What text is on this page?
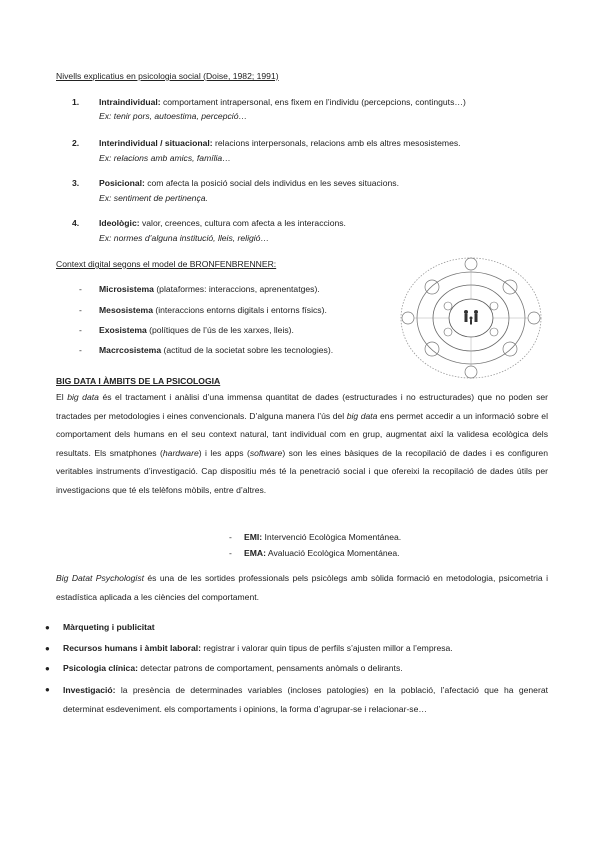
Nivells explicatius en psicologia social (Doise, 1982; 1991)
1. Intraindividual: comportament intrapersonal, ens fixem en l’individu (percepcions, continguts…)
Ex: tenir pors, autoestima, percepció…
2. Interindividual / situacional: relacions interpersonals, relacions amb els altres mesosistemes.
Ex: relacions amb amics, família…
3. Posicional: com afecta la posició social dels individus en les seves situacions.
Ex: sentiment de pertinença.
4. Ideològic: valor, creences, cultura com afecta a les interaccions.
Ex: normes d’alguna institució, lleis, religió…
Context digital segons el model de BRONFENBRENNER:
- Microsistema (plataformes: interaccions, aprenentatges).
- Mesosistema (interaccions entorns digitals i entorns físics).
- Exosistema (polítiques de l’ús de les xarxes, lleis).
- Macrcosistema (actitud de la societat sobre les tecnologies).
BIG DATA I ÀMBITS DE LA PSICOLOGIA

El big data és el tractament i anàlisi d’una immensa quantitat de dades (estructurades i no estructurades) que no poden ser tractades per metodologies i eines convencionals. D’alguna manera l’ús del big data ens permet accedir a un informació sobre el comportament dels humans en el seu context natural, tant individual com en grup, augmentat així la validesa ecològica dels resultats. Els smatphones (hardware) i les apps (software) son les eines bàsiques de la recopilació de dades i es configuren veritables instruments d’investigació. Cap dispositiu més té la penetració social i que ofereixi la recopilació de dades útils per investigacions que té els telèfons mòbils, entre d’altres.

- EMI: Intervenció Ecològica Momentánea.
- EMA: Avaluació Ecològica Momentánea.

Big Datat Psychologist és una de les sortides professionals pels psicòlegs amb sòlida formació en metodologia, psicometria i estadística aplicada a les ciències del comportament.

● Màrqueting i publicitat
● Recursos humans i àmbit laboral: registrar i valorar quin tipus de perfils s’ajusten millor a l’empresa.
● Psicologia clínica: detectar patrons de comportament, pensaments anòmals o delirants.
● Investigació: la presència de determinades variables (incloses patologies) en la població, l’afectació que ha generat determinat esdeveniment. els comportaments i opinions, la forma d’agrupar-se i relacionar-se…
